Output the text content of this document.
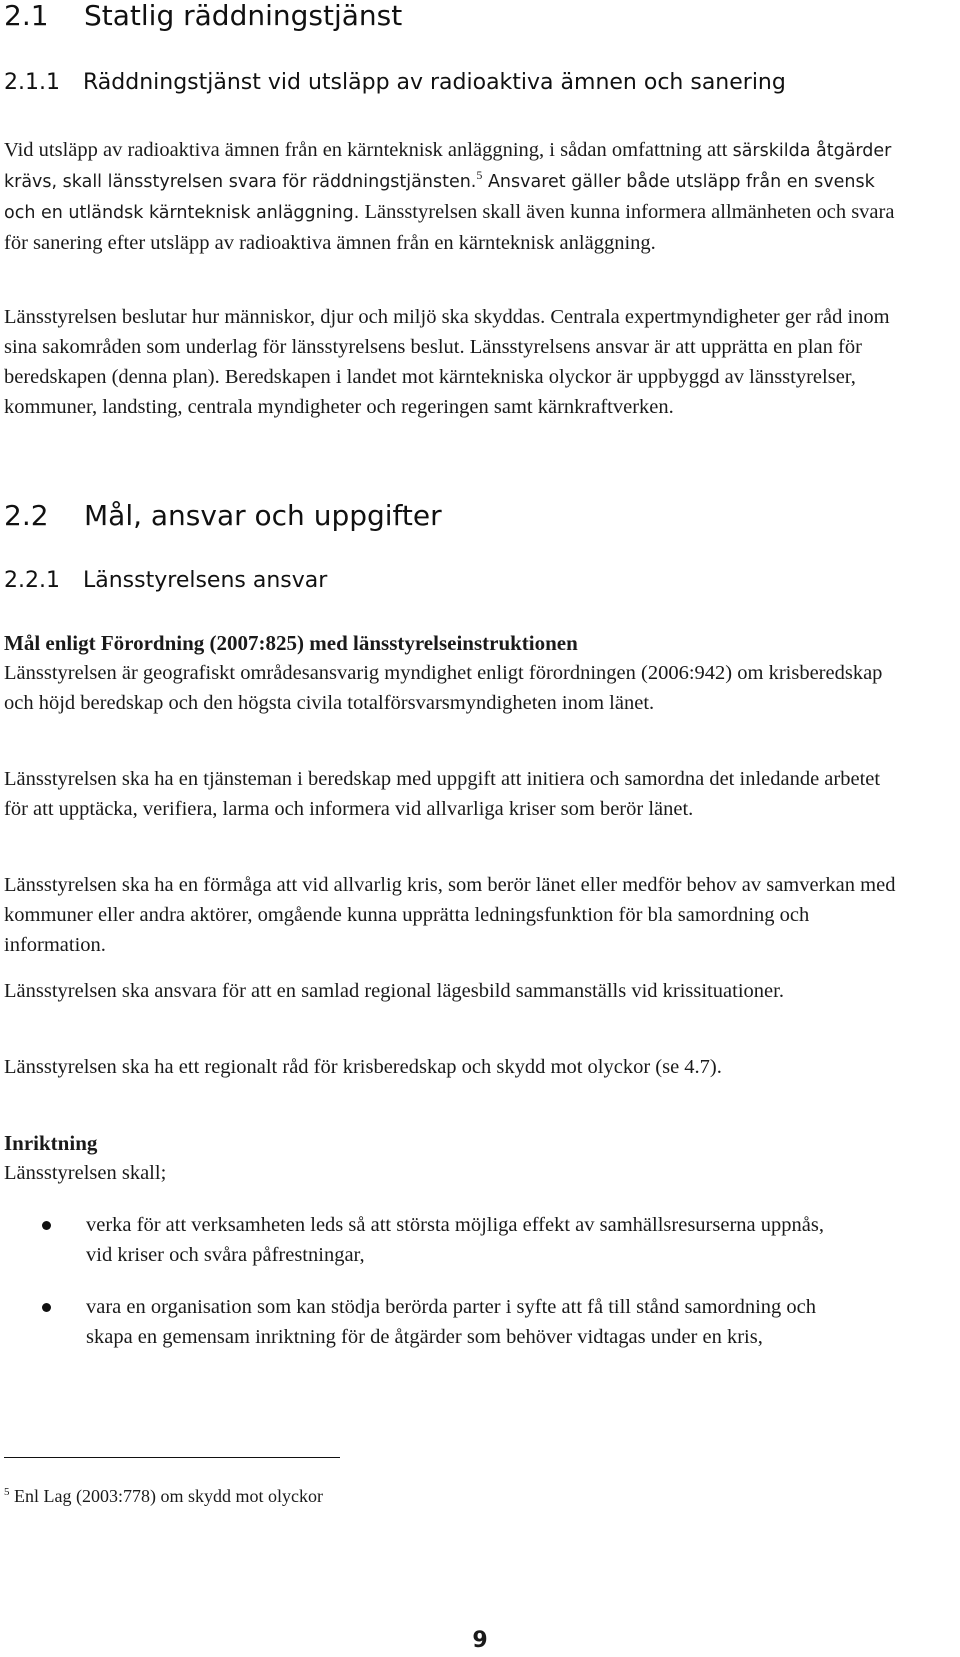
2.1 Statlig räddningstjänst
2.1.1	Räddningstjänst vid utsläpp av radioaktiva ämnen och sanering

Vid utsläpp av radioaktiva ämnen från en kärnteknisk anläggning, i sådan omfattning att särskilda åtgärder krävs, skall länsstyrelsen svara för räddningstjänsten.$^5$ Ansvaret gäller både utsläpp från en svensk och en utländsk kärnteknisk anläggning. Länsstyrelsen skall även kunna informera allmänheten och svara för sanering efter utsläpp av radioaktiva ämnen från en kärnteknisk anläggning.

Länsstyrelsen beslutar hur människor, djur och miljö ska skyddas. Centrala expertmyndigheter ger råd inom sina sakområden som underlag för länsstyrelsens beslut. Länsstyrelsens ansvar är att upprätta en plan för beredskapen (denna plan). Beredskapen i landet mot kärntekniska olyckor är uppbyggd av länsstyrelser, kommuner, landsting, centrala myndigheter och regeringen samt kärnkraftverken.

2.2 Mål, ansvar och uppgifter
2.2.1	Länsstyrelsens ansvar

Mål enligt Förordning (2007:825) med länsstyrelseinstruktionen

Länsstyrelsen är geografiskt områdesansvarig myndighet enligt förordningen (2006:942) om krisberedskap och höjd beredskap och den högsta civila totalförsvarsmyndigheten inom länet.

Länsstyrelsen ska ha en tjänsteman i beredskap med uppgift att initiera och samordna det inledande arbetet för att upptäcka, verifiera, larma och informera vid allvarliga kriser som berör länet.

Länsstyrelsen ska ha en förmåga att vid allvarlig kris, som berör länet eller medför behov av samverkan med kommuner eller andra aktörer, omgående kunna upprätta ledningsfunktion för bla samordning och information.

Länsstyrelsen ska ansvara för att en samlad regional lägesbild sammanställs vid krissituationer.

Länsstyrelsen ska ha ett regionalt råd för krisberedskap och skydd mot olyckor (se 4.7).

Inriktning

Länsstyrelsen skall;

verka för att verksamheten leds så att största möjliga effekt av samhällsresurserna uppnås, vid kriser och svåra påfrestningar,
vara en organisation som kan stödja berörda parter i syfte att få till stånd samordning och skapa en gemensam inriktning för de åtgärder som behöver vidtagas under en kris,
$^5$ Enl Lag (2003:778) om skydd mot olyckor
9
